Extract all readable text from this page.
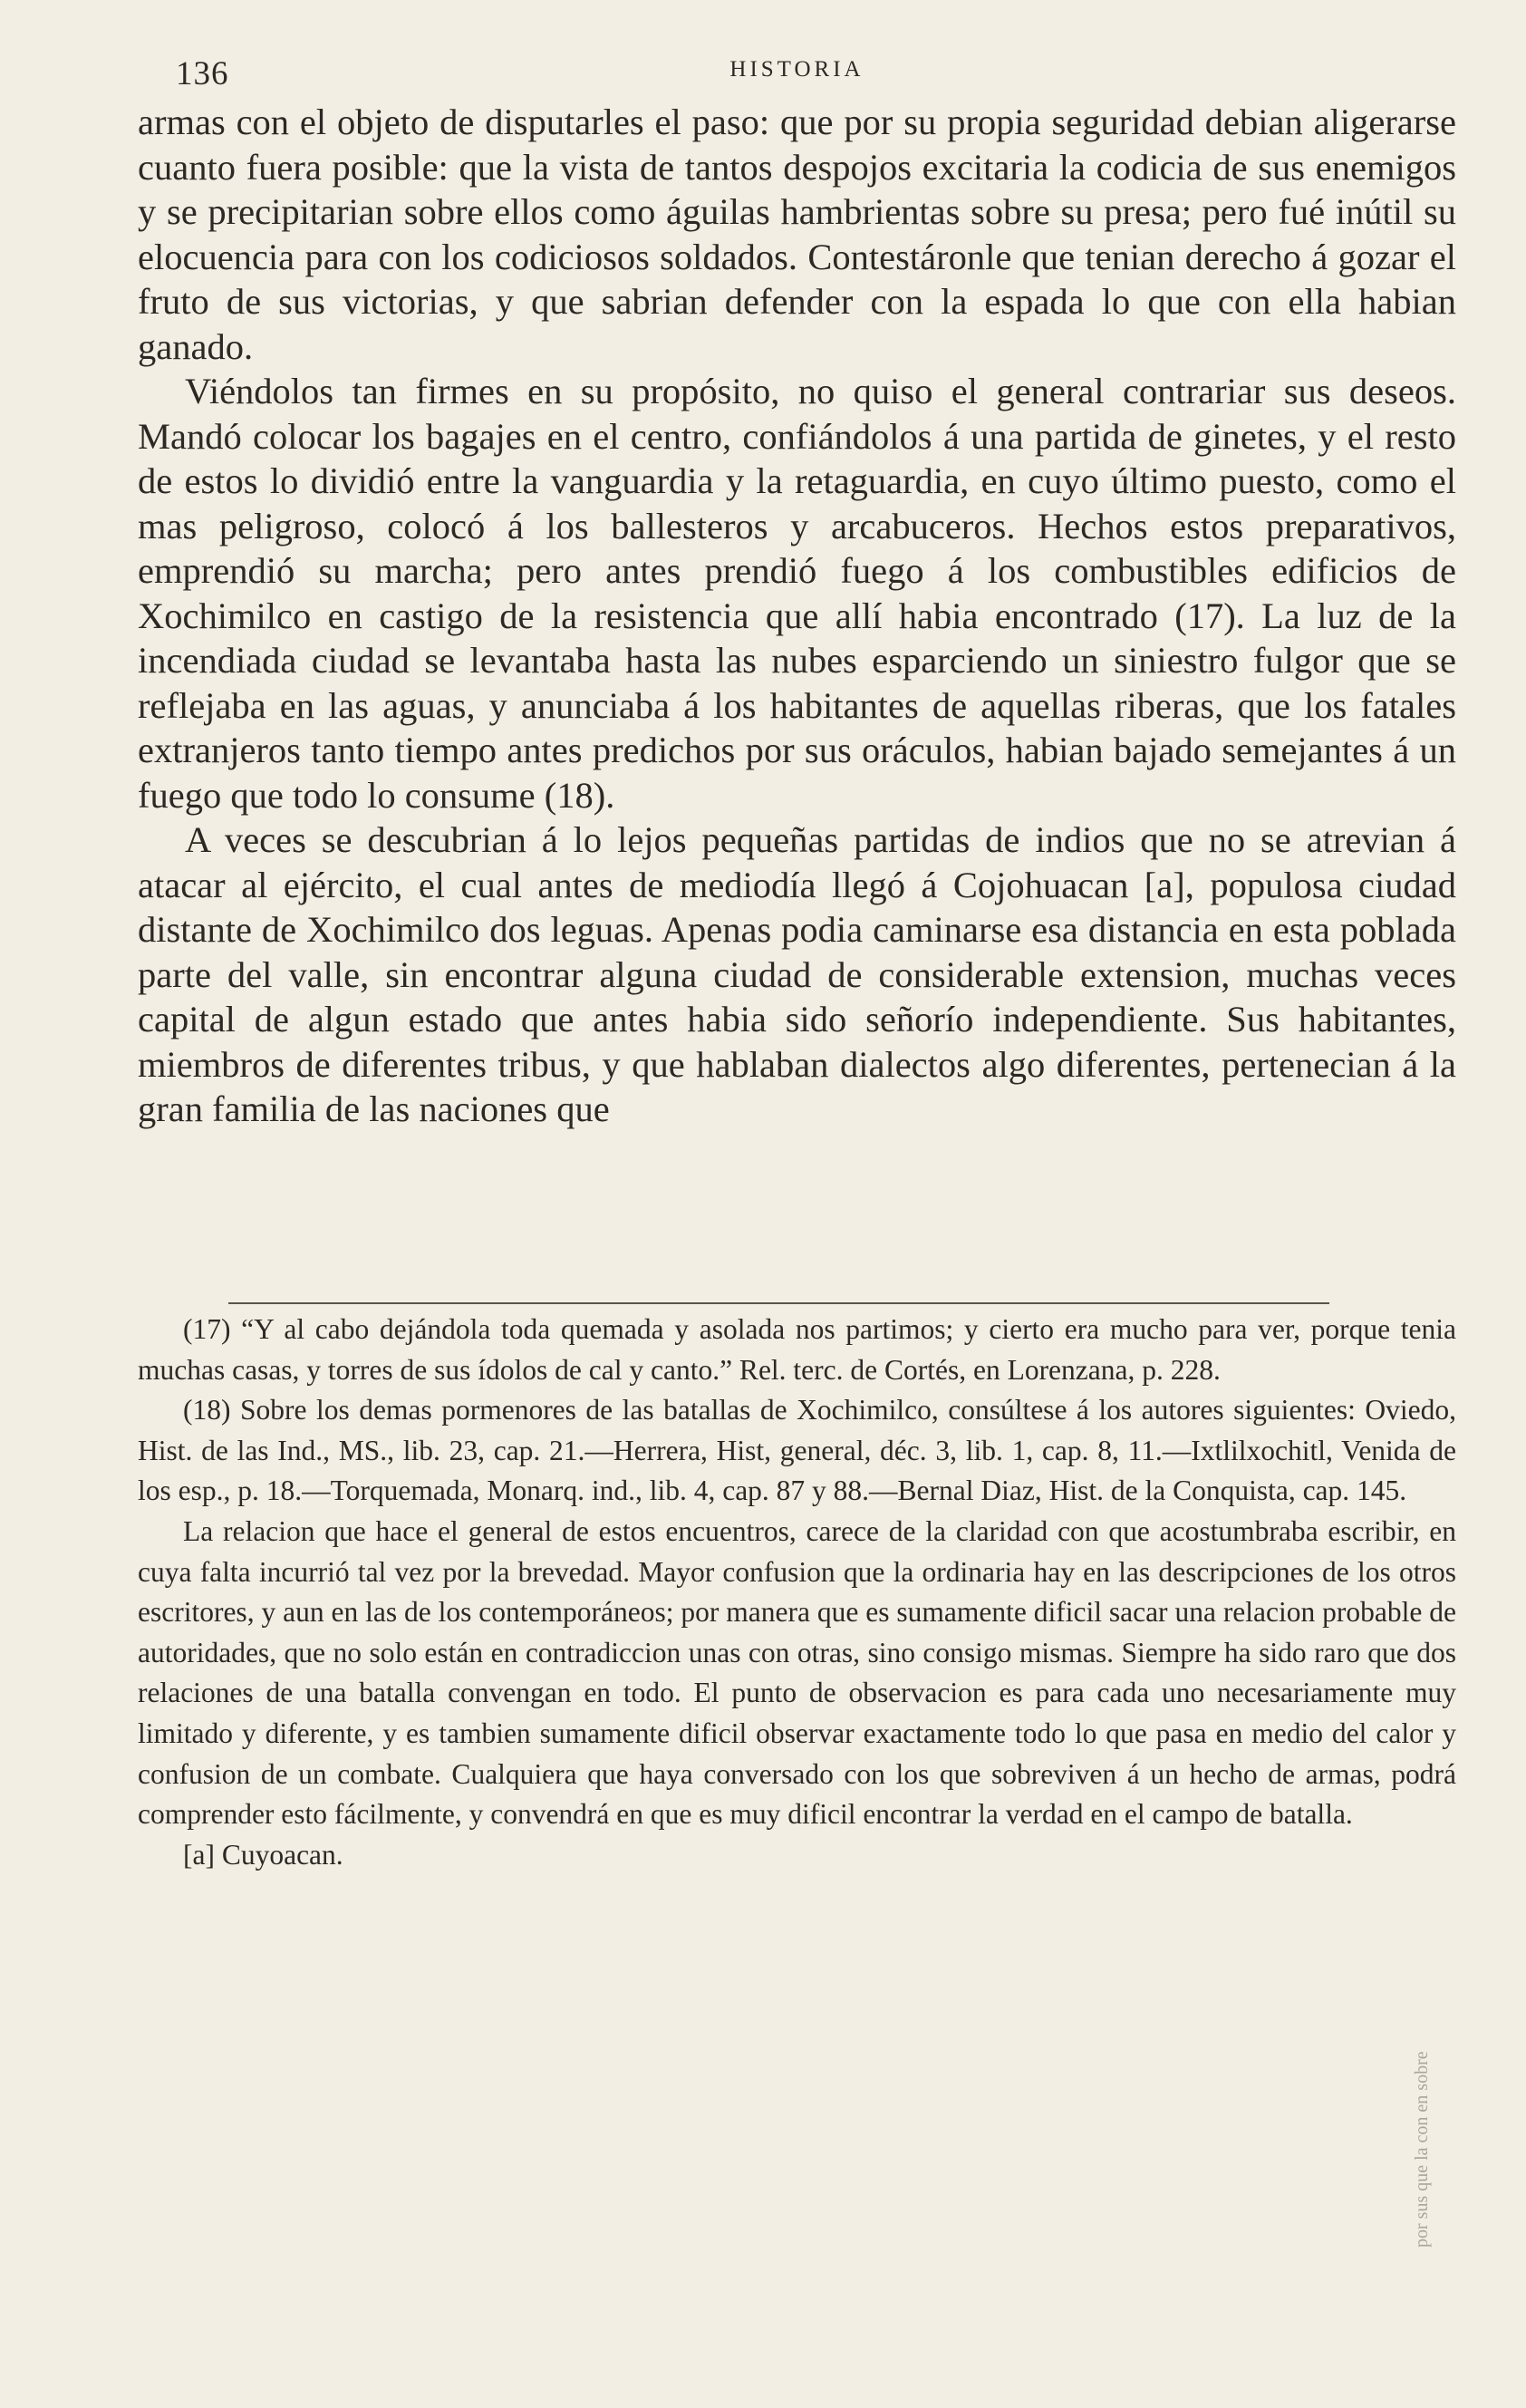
136	HISTORIA

armas con el objeto de disputarles el paso: que por su propia seguridad debian aligerarse cuanto fuera posible: que la vista de tantos despojos excitaria la codicia de sus enemigos y se precipitarian sobre ellos como águilas hambrientas sobre su presa; pero fué inútil su elocuencia para con los codiciosos soldados. Contestáronle que tenian derecho á gozar el fruto de sus victorias, y que sabrian defender con la espada lo que con ella habian ganado.

Viéndolos tan firmes en su propósito, no quiso el general contrariar sus deseos. Mandó colocar los bagajes en el centro, confiándolos á una partida de ginetes, y el resto de estos lo dividió entre la vanguardia y la retaguardia, en cuyo último puesto, como el mas peligroso, colocó á los ballesteros y arcabuceros. Hechos estos preparativos, emprendió su marcha; pero antes prendió fuego á los combustibles edificios de Xochimilco en castigo de la resistencia que allí habia encontrado (17). La luz de la incendiada ciudad se levantaba hasta las nubes esparciendo un siniestro fulgor que se reflejaba en las aguas, y anunciaba á los habitantes de aquellas riberas, que los fatales extranjeros tanto tiempo antes predichos por sus oráculos, habian bajado semejantes á un fuego que todo lo consume (18).

A veces se descubrian á lo lejos pequeñas partidas de indios que no se atrevian á atacar al ejército, el cual antes de mediodía llegó á Cojohuacan [a], populosa ciudad distante de Xochimilco dos leguas. Apenas podia caminarse esa distancia en esta poblada parte del valle, sin encontrar alguna ciudad de considerable extension, muchas veces capital de algun estado que antes habia sido señorío independiente. Sus habitantes, miembros de diferentes tribus, y que hablaban dialectos algo diferentes, pertenecian á la gran familia de las naciones que

(17) “Y al cabo dejándola toda quemada y asolada nos partimos; y cierto era mucho para ver, porque tenia muchas casas, y torres de sus ídolos de cal y canto.” Rel. terc. de Cortés, en Lorenzana, p. 228.

(18) Sobre los demas pormenores de las batallas de Xochimilco, consúltese á los autores siguientes: Oviedo, Hist. de las Ind., MS., lib. 23, cap. 21.—Herrera, Hist, general, déc. 3, lib. 1, cap. 8, 11.—Ixtlilxochitl, Venida de los esp., p. 18.—Torquemada, Monarq. ind., lib. 4, cap. 87 y 88.—Bernal Diaz, Hist. de la Conquista, cap. 145.

La relacion que hace el general de estos encuentros, carece de la claridad con que acostumbraba escribir, en cuya falta incurrió tal vez por la brevedad. Mayor confusion que la ordinaria hay en las descripciones de los otros escritores, y aun en las de los contemporáneos; por manera que es sumamente dificil sacar una relacion probable de autoridades, que no solo están en contradiccion unas con otras, sino consigo mismas. Siempre ha sido raro que dos relaciones de una batalla convengan en todo. El punto de observacion es para cada uno necesariamente muy limitado y diferente, y es tambien sumamente dificil observar exactamente todo lo que pasa en medio del calor y confusion de un combate. Cualquiera que haya conversado con los que sobreviven á un hecho de armas, podrá comprender esto fácilmente, y convendrá en que es muy dificil encontrar la verdad en el campo de batalla.

[a] Cuyoacan.

por sus que la con en sobre
